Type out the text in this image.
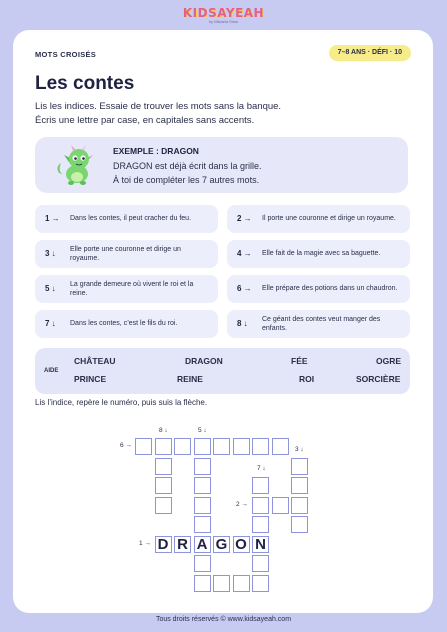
KIDSAYEAH
by Mikaela Sims
MOTS CROISÉS	7–8 ANS · DÉFI · 10
Les contes
Lis les indices. Essaie de trouver les mots sans la banque.
Écris une lettre par case, en capitales sans accents.
EXEMPLE : DRAGON
DRAGON est déjà écrit dans la grille.
À toi de compléter les 7 autres mots.
1 → Dans les contes, il peut cracher du feu.	2 → Il porte une couronne et dirige un royaume.
3 ↓ Elle porte une couronne et dirige un royaume.
4 → Elle fait de la magie avec sa baguette.
5 ↓ La grande demeure où vivent le roi et la reine.
6 → Elle prépare des potions dans un chaudron.
7 ↓ Dans les contes, c’est le fils du roi.	8 ↓ Ce géant des contes veut manger des enfants.
AIDE
CHÂTEAU	DRAGON	FÉE	OGRE
PRINCE	REINE	ROI	SORCIÈRE
Lis l’indice, repère le numéro, puis suis la flèche.
8 ↓	5 ↓
6 →
3 ↓
7 ↓
2 →
1 → D R A G O N
Tous droits réservés © www.kidsayeah.com
